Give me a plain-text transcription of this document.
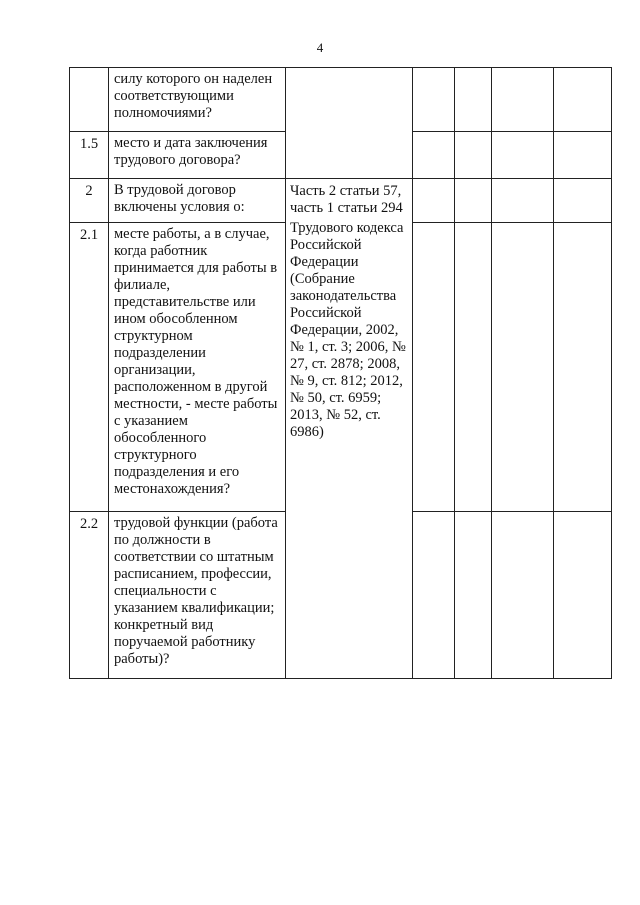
4
	силу которого он наделен соответствующими полномочиями?					
1.5	место и дата заключения трудового договора?					
2	В трудовой договор включены условия о:	Часть 2 статьи 57,

часть 1 статьи 294

Трудового кодекса Российской Федерации (Собрание законодательства Российской Федерации, 2002, № 1, ст. 3; 2006, № 27, ст. 2878; 2008, № 9, ст. 812; 2012, № 50, ст. 6959; 2013, № 52, ст. 6986)				

2.1	месте работы, а в случае, когда работник принимается для работы в филиале, представительстве или ином обособленном структурном подразделении организации, расположенном в другой местности, - месте работы с указанием обособленного структурного подразделения и его местонахождения?					
2.2	трудовой функции (работа по должности в соответствии со штатным расписанием, профессии, специальности с указанием квалификации; конкретный вид поручаемой работнику работы)?					
